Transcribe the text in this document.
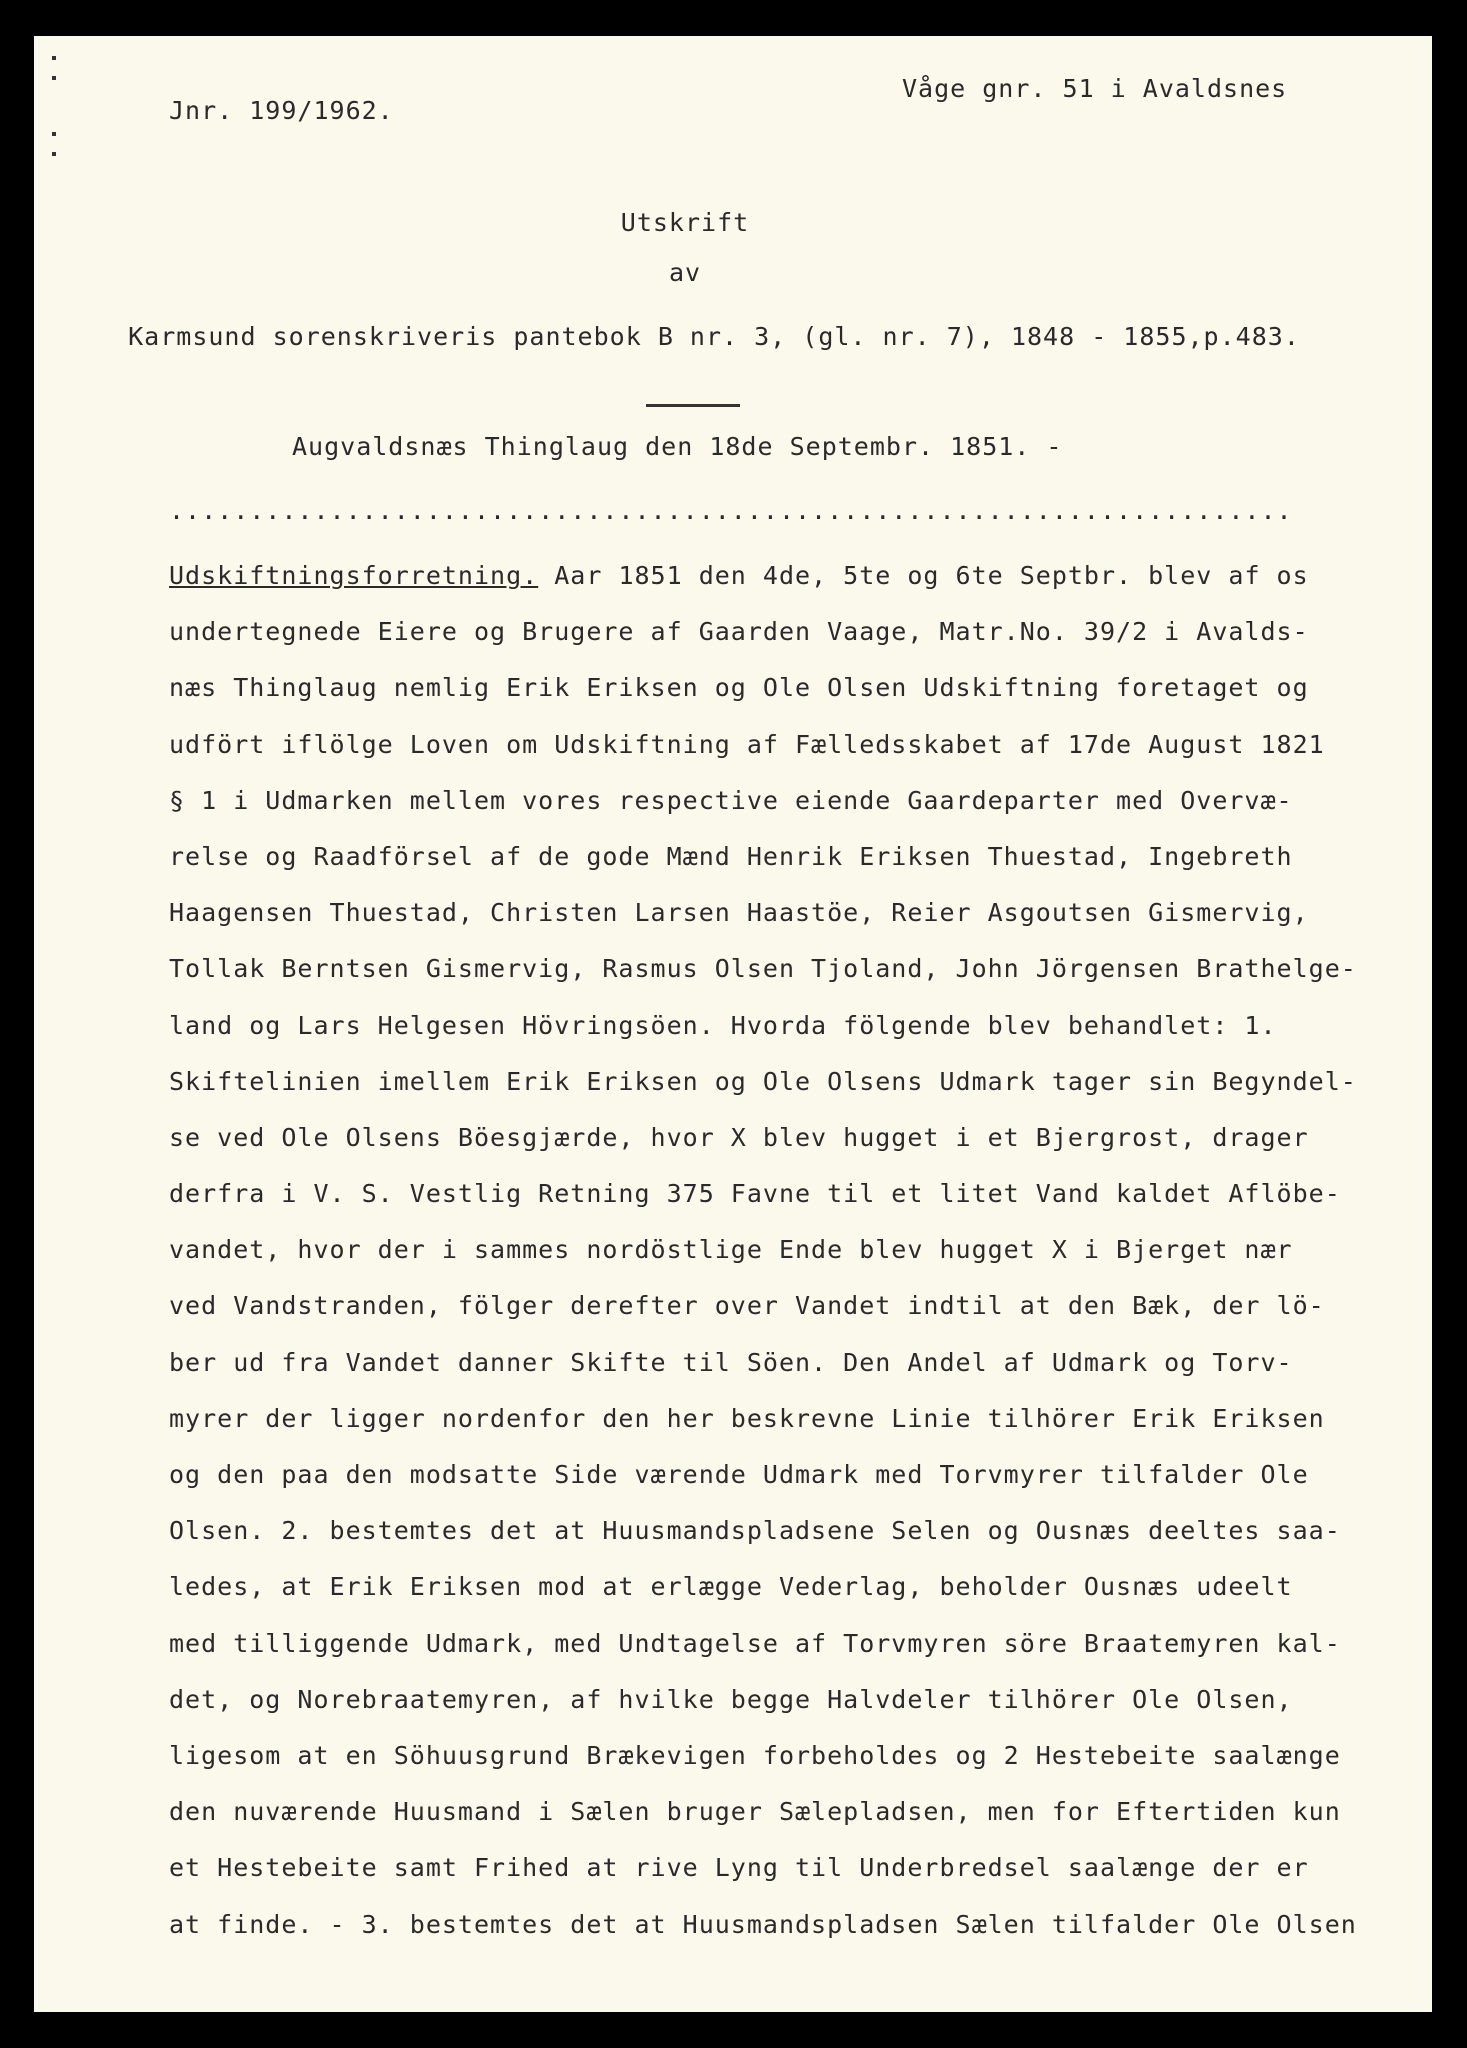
Jnr. 199/1962.
Våge gnr. 51 i Avaldsnes
Utskrift
av
Karmsund sorenskriveris pantebok B nr. 3, (gl. nr. 7), 1848 - 1855,p.483.
Augvaldsnæs Thinglaug den 18de Septembr. 1851. -
......................................................................
Udskiftningsforretning. Aar 1851 den 4de, 5te og 6te Septbr. blev af os
undertegnede Eiere og Brugere af Gaarden Vaage, Matr.No. 39/2 i Avalds-
næs Thinglaug nemlig Erik Eriksen og Ole Olsen Udskiftning foretaget og
udfört iflölge Loven om Udskiftning af Fælledsskabet af 17de August 1821
§ 1 i Udmarken mellem vores respective eiende Gaardeparter med Overvæ-
relse og Raadförsel af de gode Mænd Henrik Eriksen Thuestad, Ingebreth
Haagensen Thuestad, Christen Larsen Haastöe, Reier Asgoutsen Gismervig,
Tollak Berntsen Gismervig, Rasmus Olsen Tjoland, John Jörgensen Brathelge-
land og Lars Helgesen Hövringsöen. Hvorda fölgende blev behandlet: 1.
Skiftelinien imellem Erik Eriksen og Ole Olsens Udmark tager sin Begyndel-
se ved Ole Olsens Böesgjærde, hvor X blev hugget i et Bjergrost, drager
derfra i V. S. Vestlig Retning 375 Favne til et litet Vand kaldet Aflöbe-
vandet, hvor der i sammes nordöstlige Ende blev hugget X i Bjerget nær
ved Vandstranden, fölger derefter over Vandet indtil at den Bæk, der lö-
ber ud fra Vandet danner Skifte til Söen. Den Andel af Udmark og Torv-
myrer der ligger nordenfor den her beskrevne Linie tilhörer Erik Eriksen
og den paa den modsatte Side værende Udmark med Torvmyrer tilfalder Ole
Olsen. 2. bestemtes det at Huusmandspladsene Selen og Ousnæs deeltes saa-
ledes, at Erik Eriksen mod at erlægge Vederlag, beholder Ousnæs udeelt
med tilliggende Udmark, med Undtagelse af Torvmyren söre Braatemyren kal-
det, og Norebraatemyren, af hvilke begge Halvdeler tilhörer Ole Olsen,
ligesom at en Söhuusgrund Brækevigen forbeholdes og 2 Hestebeite saalænge
den nuværende Huusmand i Sælen bruger Sælepladsen, men for Eftertiden kun
et Hestebeite samt Frihed at rive Lyng til Underbredsel saalænge der er
at finde. - 3. bestemtes det at Huusmandspladsen Sælen tilfalder Ole Olsen
